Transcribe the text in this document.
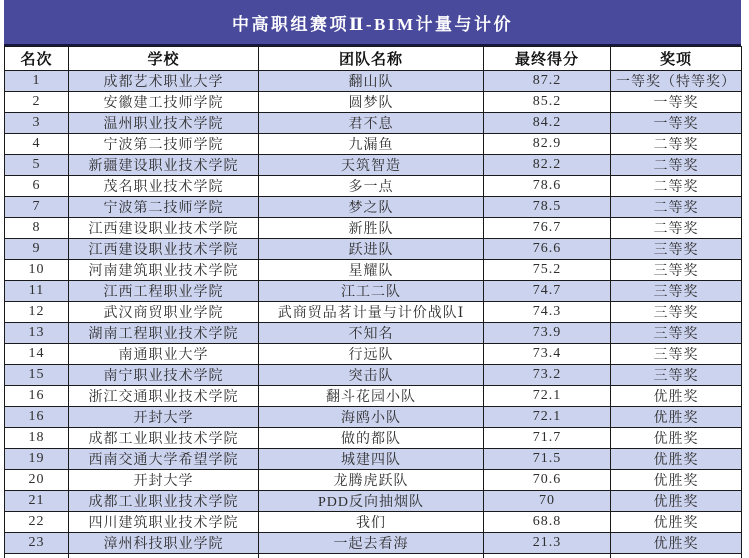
中高职组赛项Ⅱ-BIM计量与计价
名次	学校	团队名称	最终得分	奖项
1	成都艺术职业大学	翻山队	87.2	一等奖（特等奖）
2	安徽建工技师学院	圆梦队	85.2	一等奖
3	温州职业技术学院	君不息	84.2	一等奖
4	宁波第二技师学院	九漏鱼	82.9	二等奖
5	新疆建设职业技术学院	天筑智造	82.2	二等奖
6	茂名职业技术学院	多一点	78.6	二等奖
7	宁波第二技师学院	梦之队	78.5	二等奖
8	江西建设职业技术学院	新胜队	76.7	二等奖
9	江西建设职业技术学院	跃进队	76.6	三等奖
10	河南建筑职业技术学院	星耀队	75.2	三等奖
11	江西工程职业学院	江工二队	74.7	三等奖
12	武汉商贸职业学院	武商贸品茗计量与计价战队Ⅰ	74.3	三等奖
13	湖南工程职业技术学院	不知名	73.9	三等奖
14	南通职业大学	行远队	73.4	三等奖
15	南宁职业技术学院	突击队	73.2	三等奖
16	浙江交通职业技术学院	翻斗花园小队	72.1	优胜奖
16	开封大学	海鸥小队	72.1	优胜奖
18	成都工业职业技术学院	做的都队	71.7	优胜奖
19	西南交通大学希望学院	城建四队	71.5	优胜奖
20	开封大学	龙腾虎跃队	70.6	优胜奖
21	成都工业职业技术学院	PDD反向抽烟队	70	优胜奖
22	四川建筑职业技术学院	我们	68.8	优胜奖
23	漳州科技职业学院	一起去看海	21.3	优胜奖
